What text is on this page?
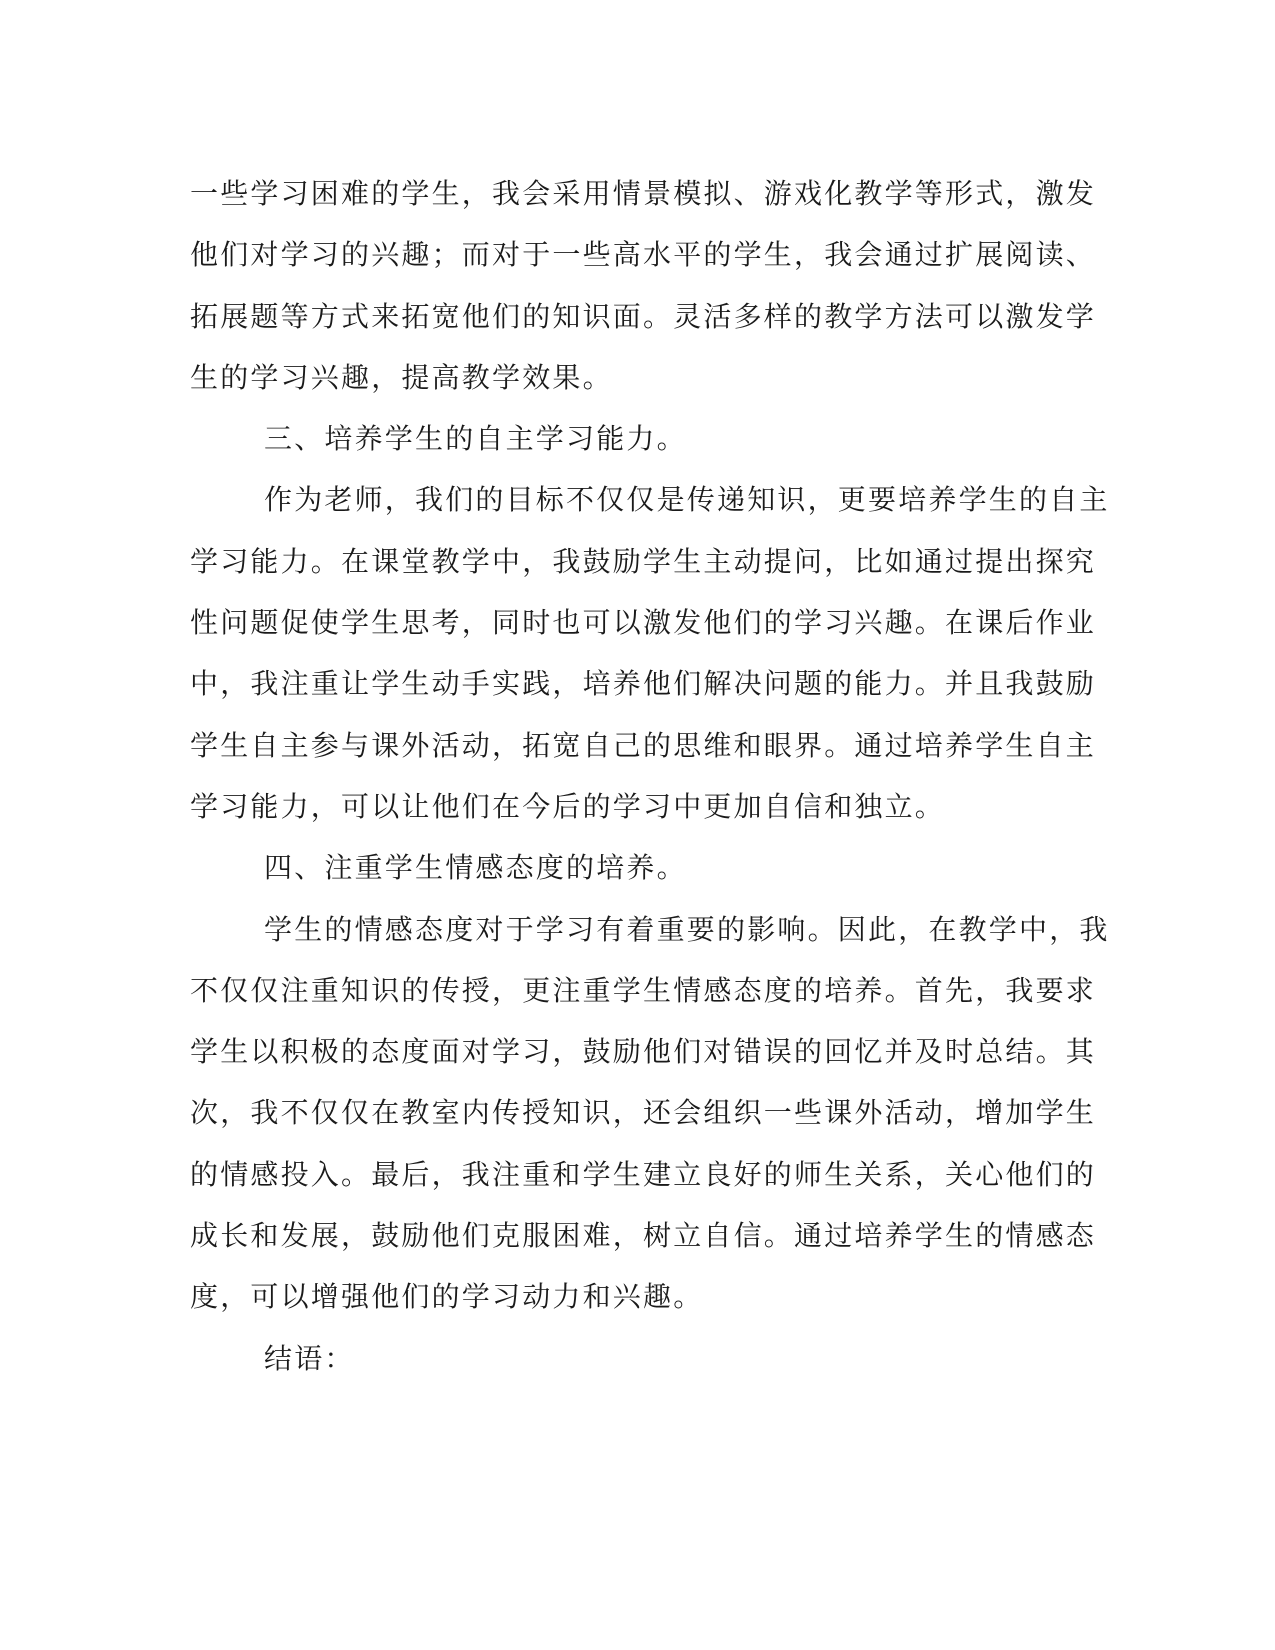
一些学习困难的学生，我会采用情景模拟、游戏化教学等形式，激发
他们对学习的兴趣；而对于一些高水平的学生，我会通过扩展阅读、
拓展题等方式来拓宽他们的知识面。灵活多样的教学方法可以激发学
生的学习兴趣，提高教学效果。
三、培养学生的自主学习能力。
作为老师，我们的目标不仅仅是传递知识，更要培养学生的自主
学习能力。在课堂教学中，我鼓励学生主动提问，比如通过提出探究
性问题促使学生思考，同时也可以激发他们的学习兴趣。在课后作业
中，我注重让学生动手实践，培养他们解决问题的能力。并且我鼓励
学生自主参与课外活动，拓宽自己的思维和眼界。通过培养学生自主
学习能力，可以让他们在今后的学习中更加自信和独立。
四、注重学生情感态度的培养。
学生的情感态度对于学习有着重要的影响。因此，在教学中，我
不仅仅注重知识的传授，更注重学生情感态度的培养。首先，我要求
学生以积极的态度面对学习，鼓励他们对错误的回忆并及时总结。其
次，我不仅仅在教室内传授知识，还会组织一些课外活动，增加学生
的情感投入。最后，我注重和学生建立良好的师生关系，关心他们的
成长和发展，鼓励他们克服困难，树立自信。通过培养学生的情感态
度，可以增强他们的学习动力和兴趣。
结语：
